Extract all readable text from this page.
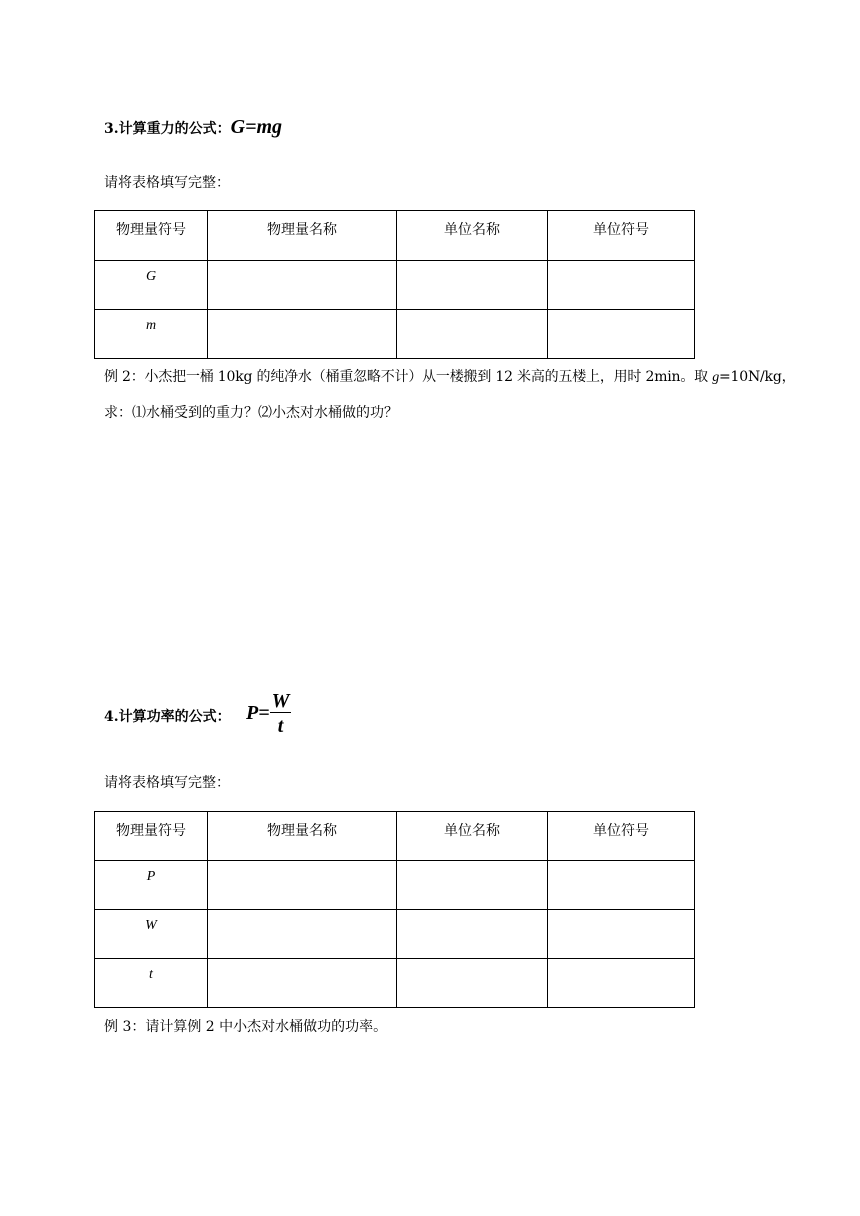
3.计算重力的公式：G=mg
请将表格填写完整：
物理量符号	物理量名称	单位名称	单位符号
G			
m			
例 2：小杰把一桶 10kg 的纯净水（桶重忽略不计）从一楼搬到 12 米高的五楼上，用时 2min。取 g=10N/kg，
求：⑴水桶受到的重力？⑵小杰对水桶做的功？
4.计算功率的公式： $P= \frac{W}{t}$
请将表格填写完整：
物理量符号	物理量名称	单位名称	单位符号
P			
W			
t			
例 3：请计算例 2 中小杰对水桶做功的功率。
